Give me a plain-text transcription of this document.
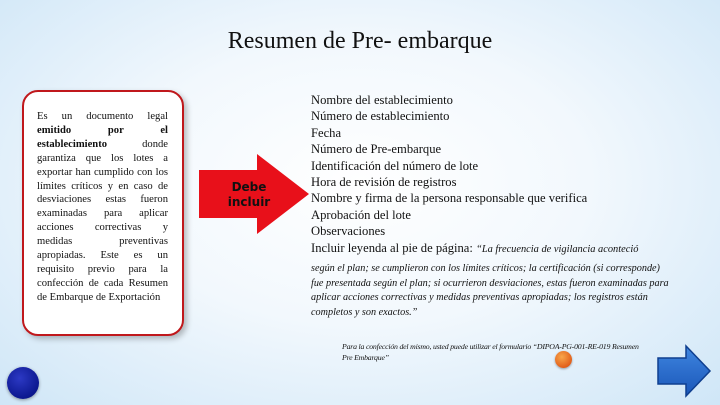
Resumen de Pre- embarque
Es un documento legal emitido por el establecimiento donde garantiza que los lotes a exportar han cumplido con los límites críticos y en caso de desviaciones estas fueron examinadas para aplicar acciones correctivas y medidas preventivas apropiadas. Este es un requisito previo para la confección de cada Resumen de Embarque de Exportación
Debe incluir
Nombre del establecimiento
Número de establecimiento
Fecha
Número de Pre-embarque
Identificación del número de lote
Hora de revisión de registros
Nombre y firma de la persona responsable que verifica
Aprobación del lote
Observaciones
Incluir leyenda al pie de página: “La frecuencia de vigilancia aconteció
según el plan; se cumplieron con los límites críticos; la certificación (si corresponde) fue presentada según el plan; si ocurrieron desviaciones, estas fueron examinadas para aplicar acciones correctivas y medidas preventivas apropiadas; los registros están completos y son exactos.”
Para la confección del mismo, usted puede utilizar el formulario “DIPOA-PG-001-RE-019 Resumen Pre Embarque”
